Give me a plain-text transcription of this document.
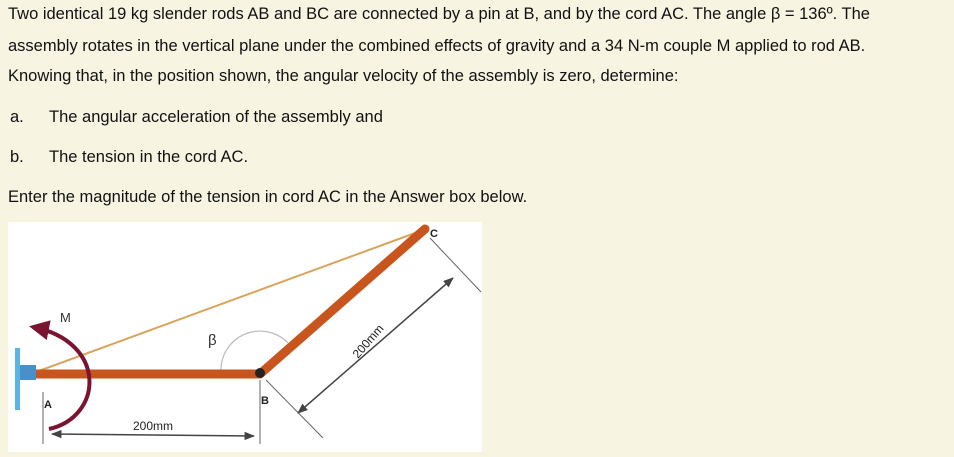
Two identical 19 kg slender rods AB and BC are connected by a pin at B, and by the cord AC. The angle β = 136º. The
assembly rotates in the vertical plane under the combined effects of gravity and a 34 N-m couple M applied to rod AB.
Knowing that, in the position shown, the angular velocity of the assembly is zero, determine:
a. The angular acceleration of the assembly and
b. The tension in the cord AC.
Enter the magnitude of the tension in cord AC in the Answer box below.
M
β
A	B
C
200mm
200mm
